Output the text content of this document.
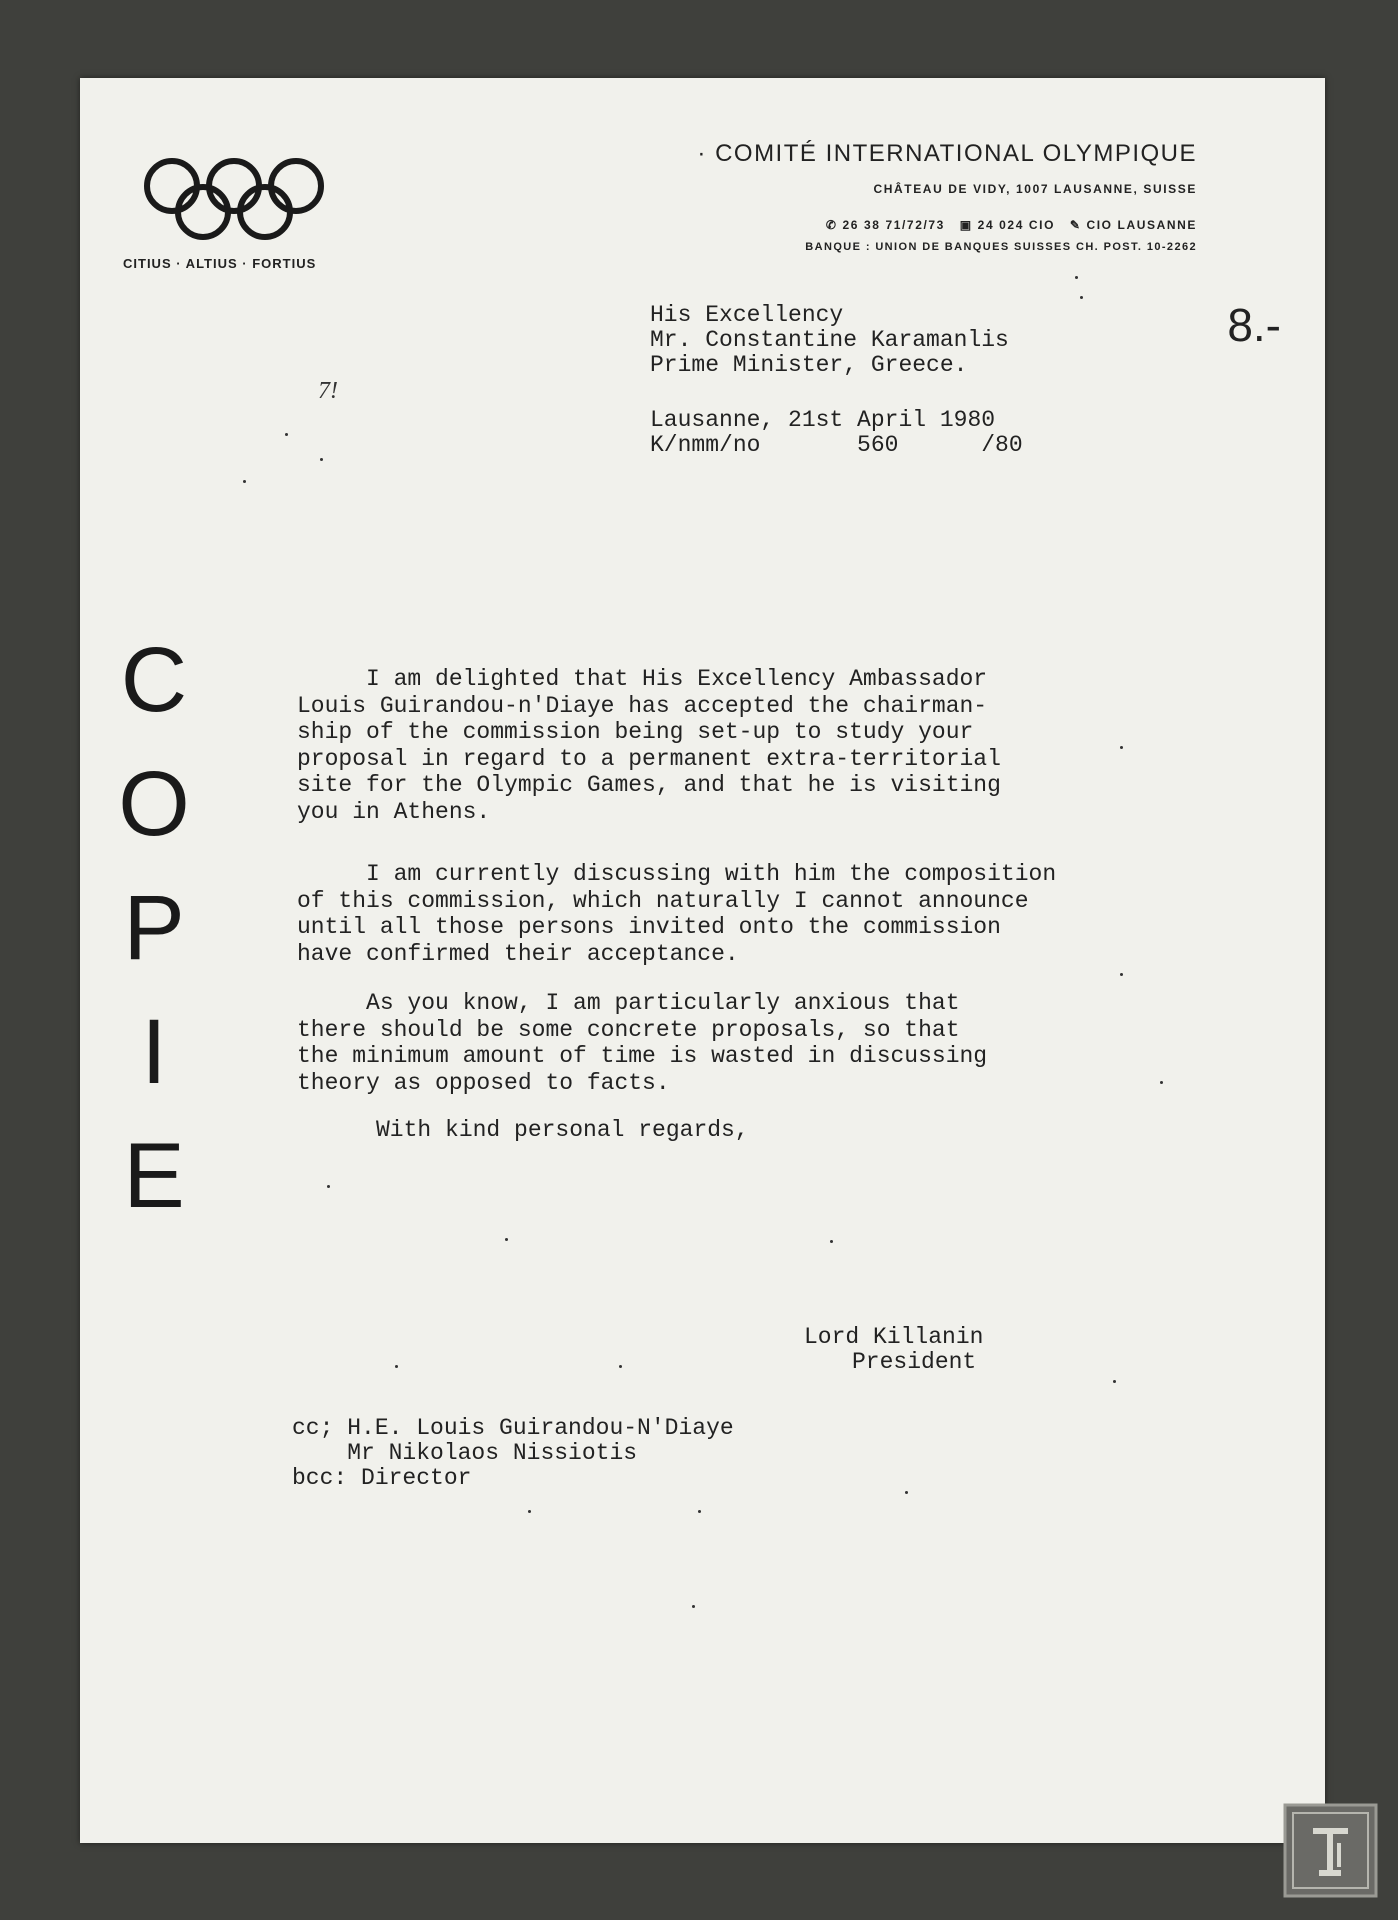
CITIUS · ALTIUS · FORTIUS
· COMITÉ INTERNATIONAL OLYMPIQUE
CHÂTEAU DE VIDY, 1007 LAUSANNE, SUISSE
✆ 26 38 71/72/73 ▣ 24 024 CIO ✎ CIO LAUSANNE
BANQUE : UNION DE BANQUES SUISSES CH. POST. 10-2262
8.-
7!
His Excellency
Mr. Constantine Karamanlis
Prime Minister, Greece.
Lausanne, 21st April 1980
K/nmm/no       560      /80
C
O
P
I
E
I am delighted that His Excellency Ambassador
Louis Guirandou-n'Diaye has accepted the chairman-
ship of the commission being set-up to study your
proposal in regard to a permanent extra-territorial
site for the Olympic Games, and that he is visiting
you in Athens.
I am currently discussing with him the composition
of this commission, which naturally I cannot announce
until all those persons invited onto the commission
have confirmed their acceptance.
As you know, I am particularly anxious that
there should be some concrete proposals, so that
the minimum amount of time is wasted in discussing
theory as opposed to facts.
With kind personal regards,
Lord Killanin
President
cc; H.E. Louis Guirandou-N'Diaye
Mr Nikolaos Nissiotis
bcc: Director
